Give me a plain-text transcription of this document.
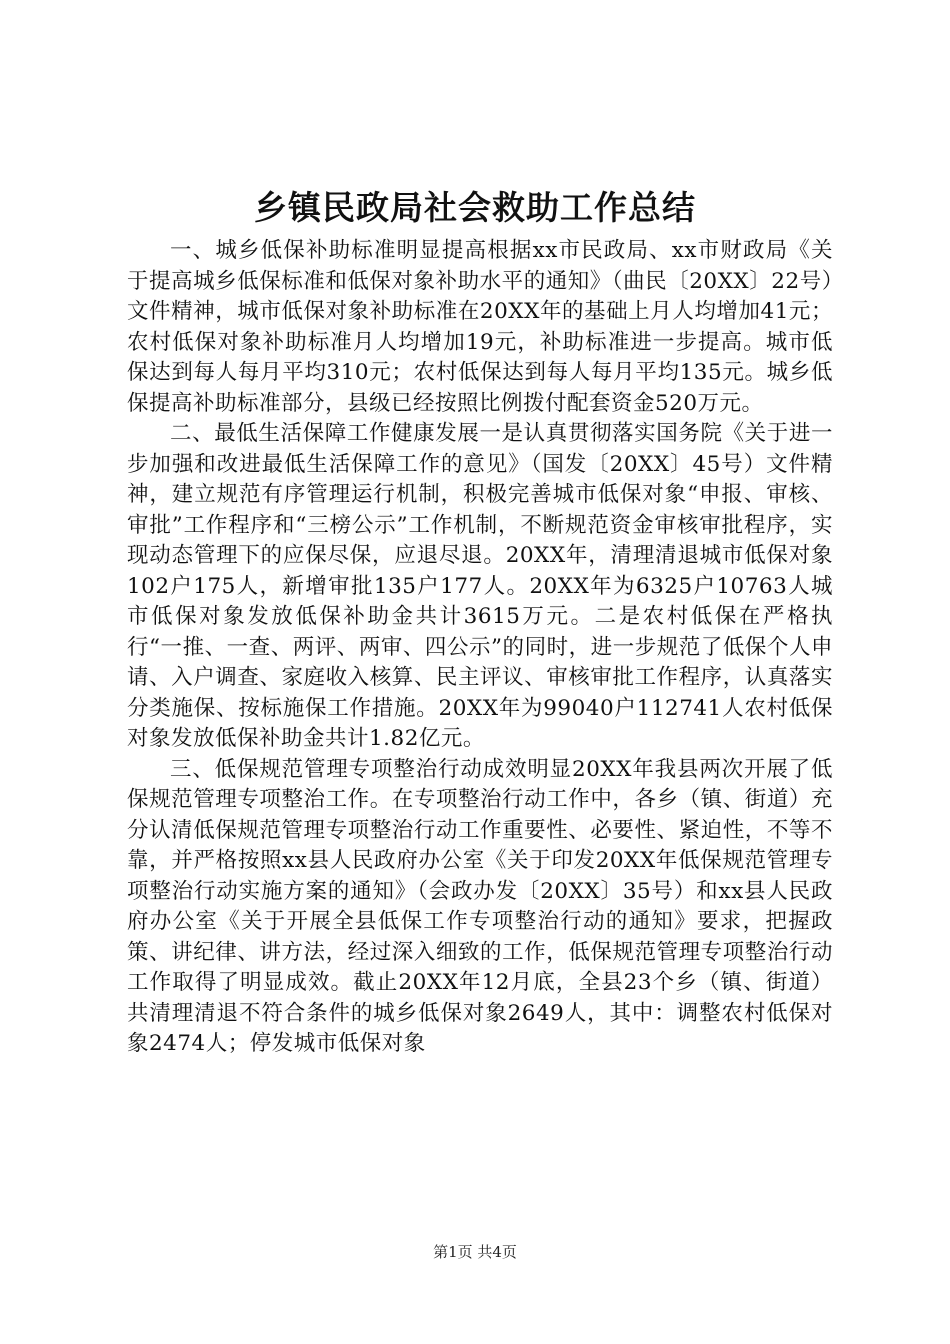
乡镇民政局社会救助工作总结

一、城乡低保补助标准明显提高根据xx市民政局、xx市财政局《关于提高城乡低保标准和低保对象补助水平的通知》（曲民〔20XX〕22号）文件精神，城市低保对象补助标准在20XX年的基础上月人均增加41元；农村低保对象补助标准月人均增加19元，补助标准进一步提高。城市低保达到每人每月平均310元；农村低保达到每人每月平均135元。城乡低保提高补助标准部分，县级已经按照比例拨付配套资金520万元。

二、最低生活保障工作健康发展一是认真贯彻落实国务院《关于进一步加强和改进最低生活保障工作的意见》（国发〔20XX〕45号）文件精神，建立规范有序管理运行机制，积极完善城市低保对象“申报、审核、审批”工作程序和“三榜公示”工作机制，不断规范资金审核审批程序，实现动态管理下的应保尽保，应退尽退。20XX年，清理清退城市低保对象102户175人，新增审批135户177人。20XX年为6325户10763人城市低保对象发放低保补助金共计3615万元。二是农村低保在严格执行“一推、一查、两评、两审、四公示”的同时，进一步规范了低保个人申请、入户调查、家庭收入核算、民主评议、审核审批工作程序，认真落实分类施保、按标施保工作措施。20XX年为99040户112741人农村低保对象发放低保补助金共计1.82亿元。

三、低保规范管理专项整治行动成效明显20XX年我县两次开展了低保规范管理专项整治工作。在专项整治行动工作中，各乡（镇、街道）充分认清低保规范管理专项整治行动工作重要性、必要性、紧迫性，不等不靠，并严格按照xx县人民政府办公室《关于印发20XX年低保规范管理专项整治行动实施方案的通知》（会政办发〔20XX〕35号）和xx县人民政府办公室《关于开展全县低保工作专项整治行动的通知》要求，把握政策、讲纪律、讲方法，经过深入细致的工作，低保规范管理专项整治行动工作取得了明显成效。截止20XX年12月底，全县23个乡（镇、街道）共清理清退不符合条件的城乡低保对象2649人，其中：调整农村低保对象2474人；停发城市低保对象

第1页 共4页
